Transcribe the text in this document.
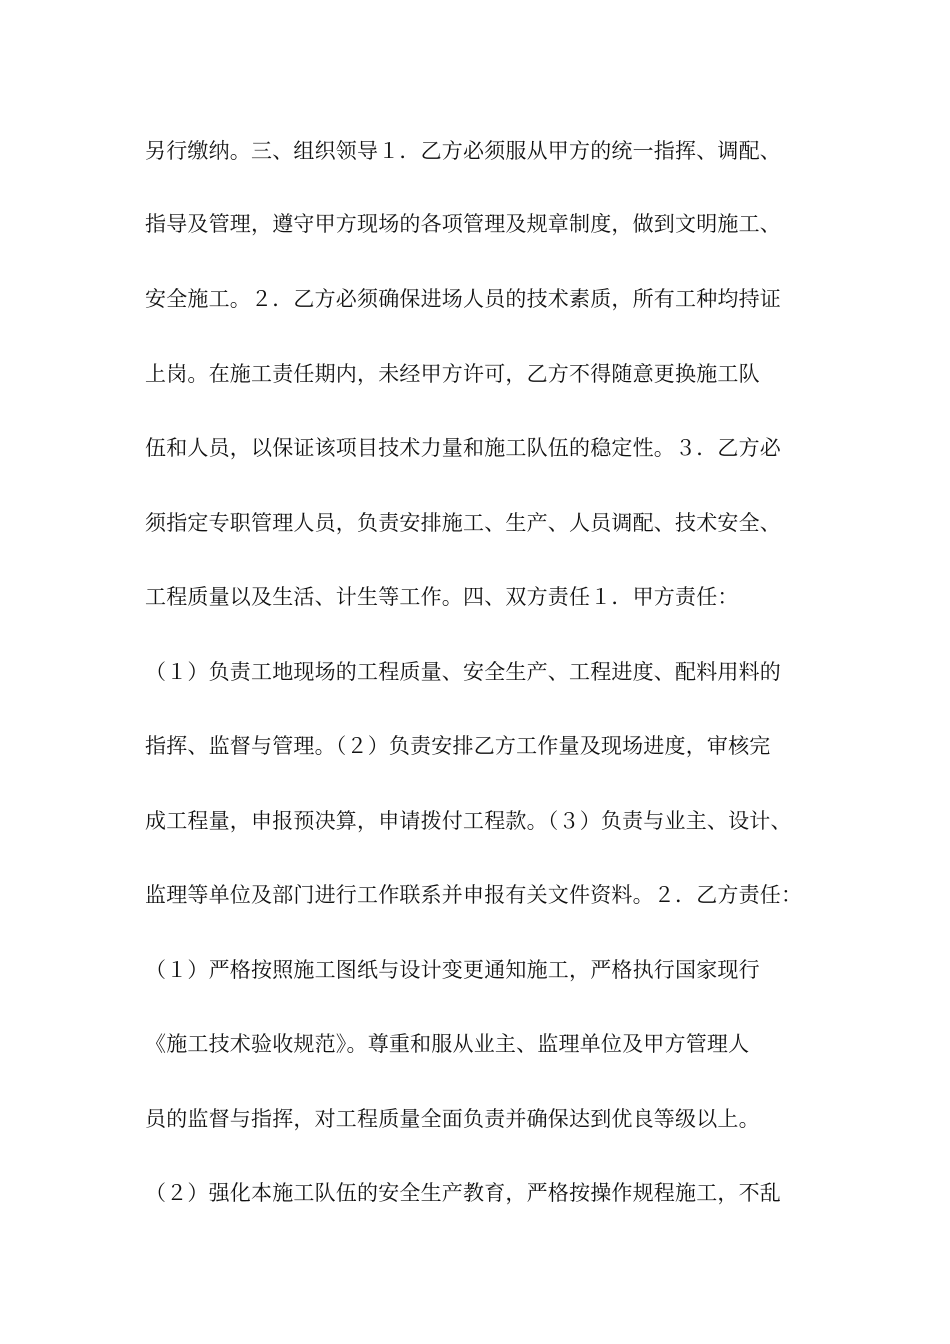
另行缴纳。三、组织领导１．乙方必须服从甲方的统一指挥、调配、
指导及管理，遵守甲方现场的各项管理及规章制度，做到文明施工、
安全施工。２．乙方必须确保进场人员的技术素质，所有工种均持证
上岗。在施工责任期内，未经甲方许可，乙方不得随意更换施工队
伍和人员，以保证该项目技术力量和施工队伍的稳定性。３．乙方必
须指定专职管理人员，负责安排施工、生产、人员调配、技术安全、
工程质量以及生活、计生等工作。四、双方责任１．甲方责任：
（１）负责工地现场的工程质量、安全生产、工程进度、配料用料的
指挥、监督与管理。（２）负责安排乙方工作量及现场进度，审核完
成工程量，申报预决算，申请拨付工程款。（３）负责与业主、设计、
监理等单位及部门进行工作联系并申报有关文件资料。２．乙方责任：
（１）严格按照施工图纸与设计变更通知施工，严格执行国家现行
《施工技术验收规范》。尊重和服从业主、监理单位及甲方管理人
员的监督与指挥，对工程质量全面负责并确保达到优良等级以上。
（２）强化本施工队伍的安全生产教育，严格按操作规程施工，不乱
